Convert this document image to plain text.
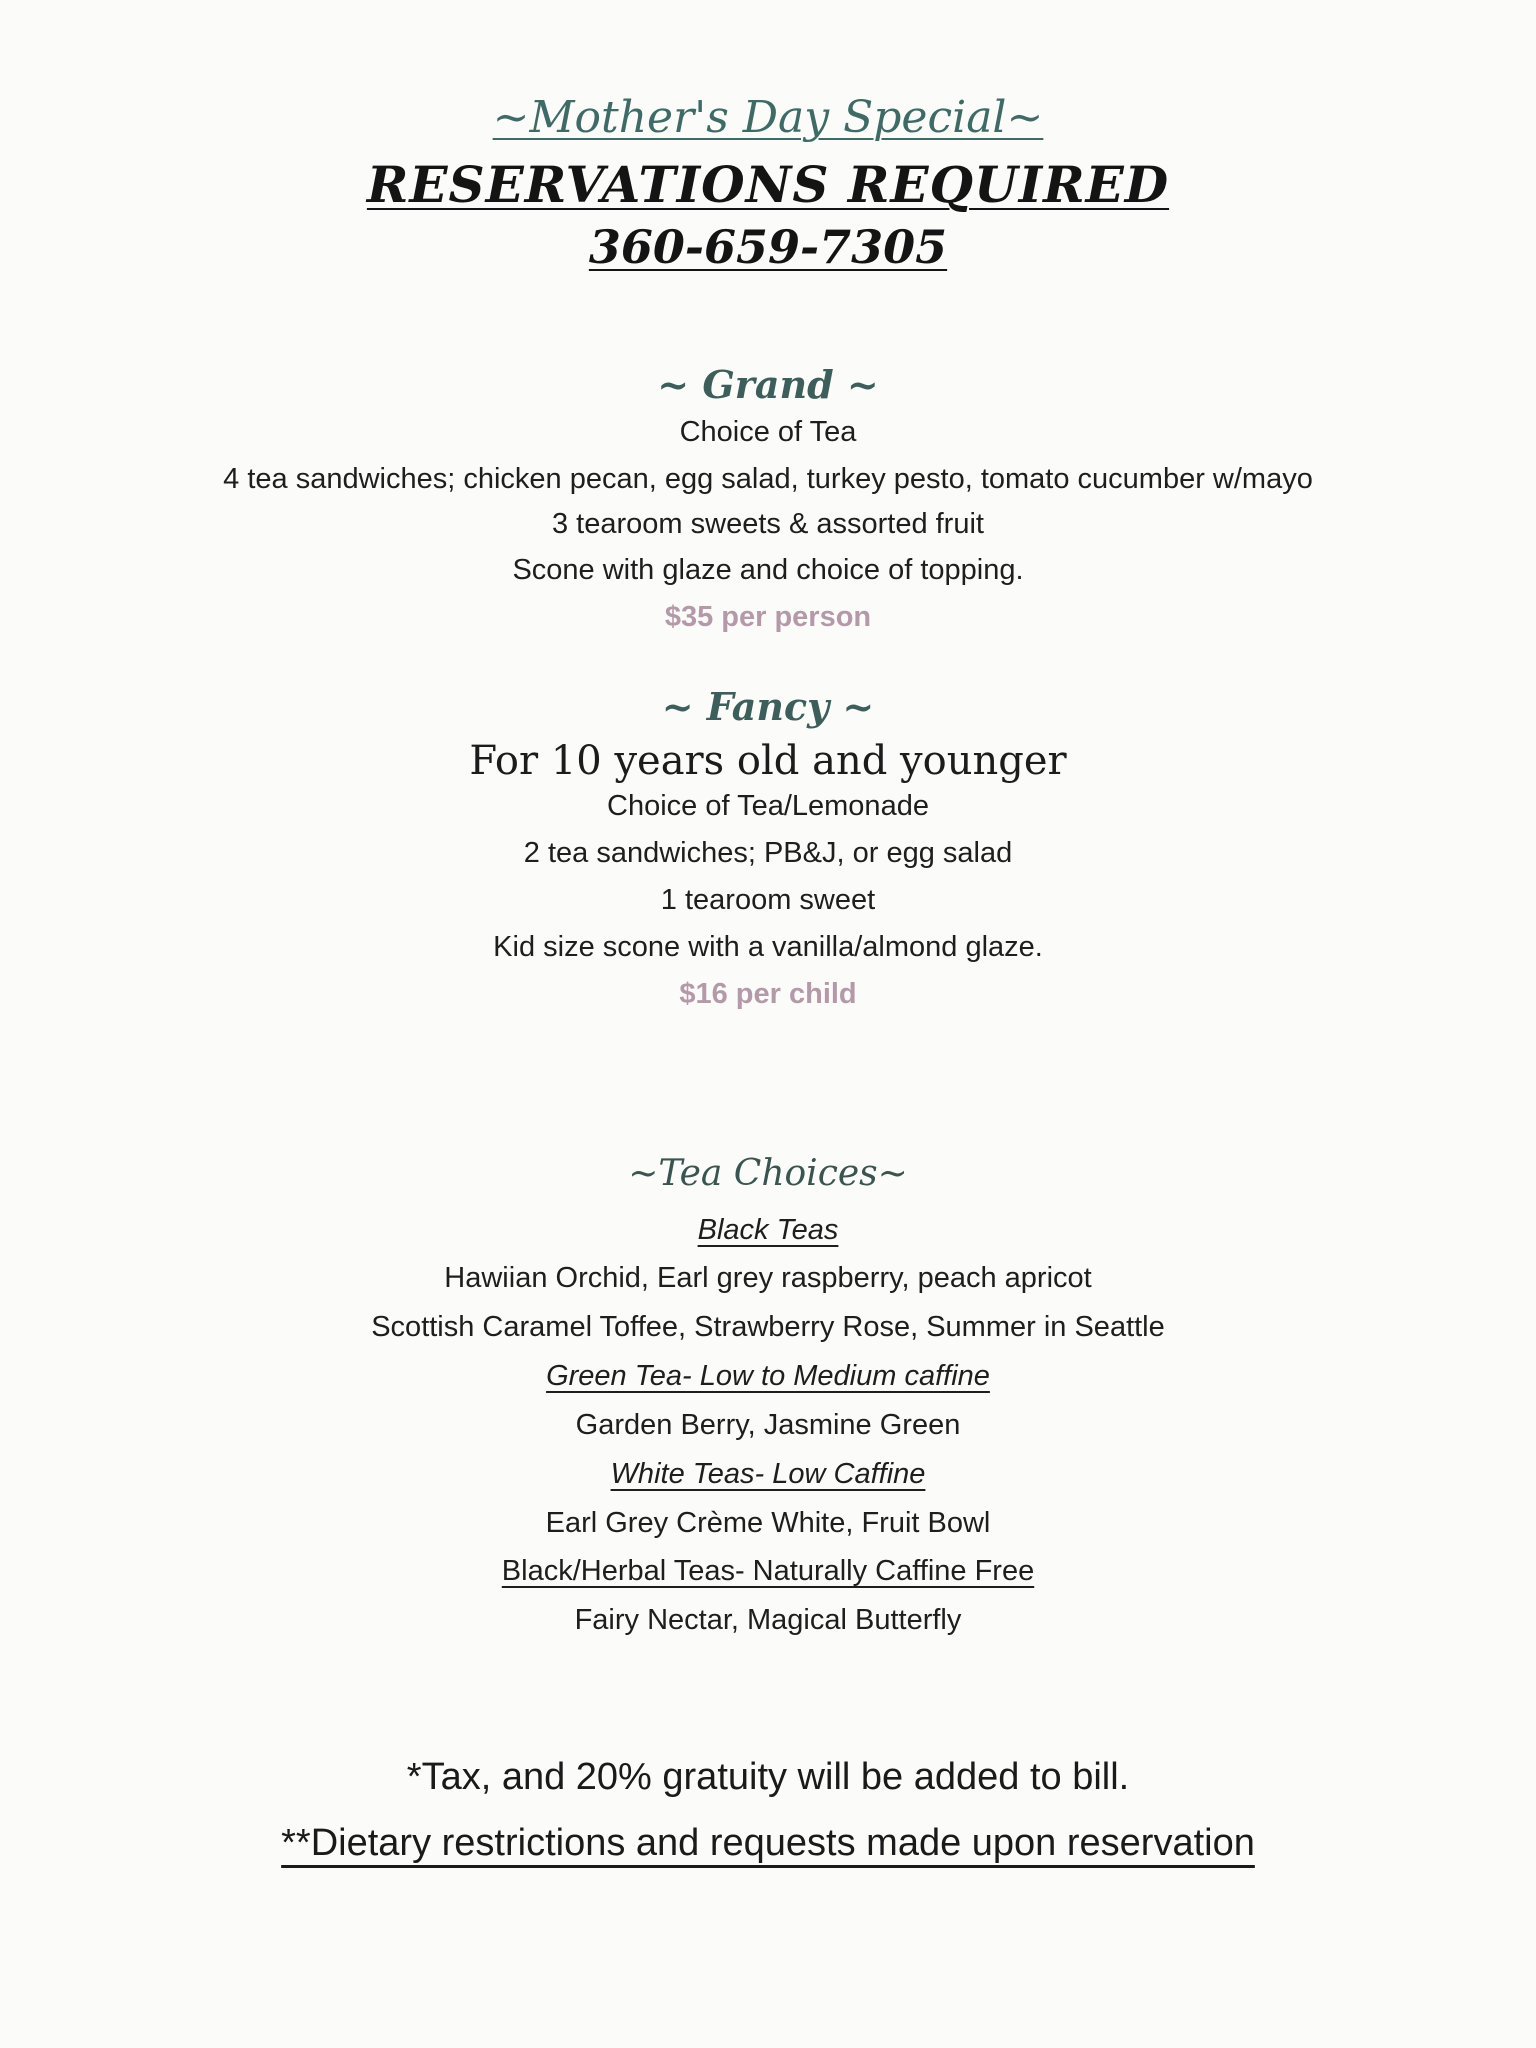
~Mother's Day Special~

RESERVATIONS REQUIRED

360-659-7305

~ Grand ~

Choice of Tea

4 tea sandwiches; chicken pecan, egg salad, turkey pesto, tomato cucumber w/mayo

3 tearoom sweets & assorted fruit

Scone with glaze and choice of topping.

$35 per person

~ Fancy ~

For 10 years old and younger

Choice of Tea/Lemonade

2 tea sandwiches; PB&J, or egg salad

1 tearoom sweet

Kid size scone with a vanilla/almond glaze.

$16 per child

~Tea Choices~

Black Teas

Hawiian Orchid, Earl grey raspberry, peach apricot

Scottish Caramel Toffee, Strawberry Rose, Summer in Seattle

Green Tea- Low to Medium caffine

Garden Berry, Jasmine Green

White Teas- Low Caffine

Earl Grey Crème White, Fruit Bowl

Black/Herbal Teas- Naturally Caffine Free

Fairy Nectar, Magical Butterfly

*Tax, and 20% gratuity will be added to bill.

**Dietary restrictions and requests made upon reservation
